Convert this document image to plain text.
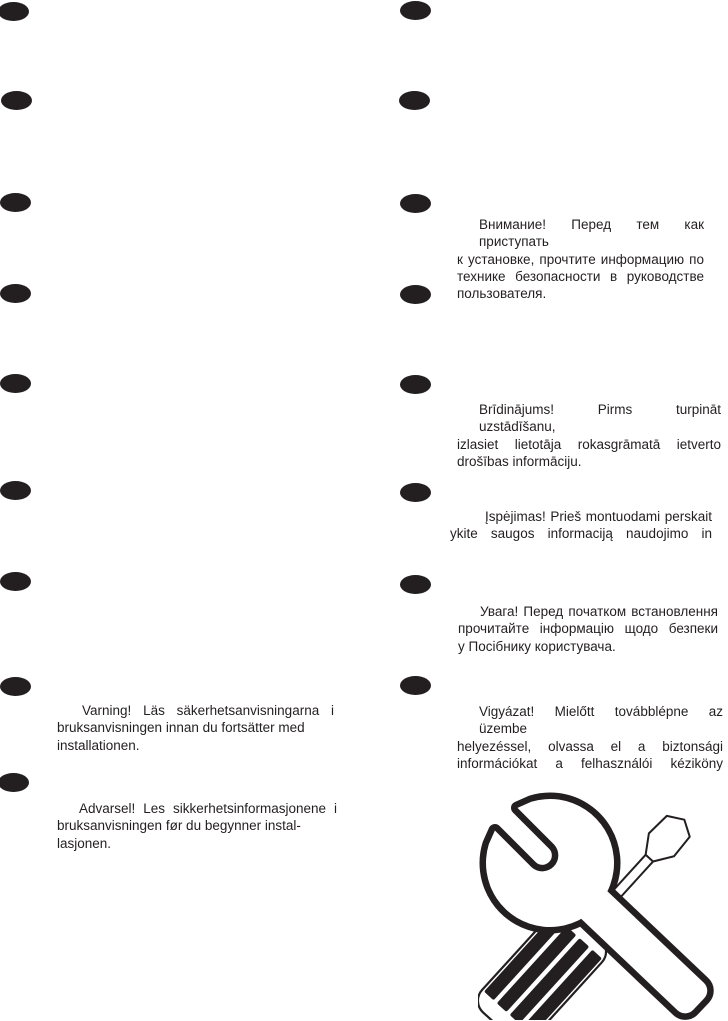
Внимание! Перед тем как приступать
к установке, прочтите информацию по
технике безопасности в руководстве
пользователя.
Brīdinājums! Pirms turpināt uzstādīšanu,
izlasiet lietotāja rokasgrāmatā ietverto
drošības informāciju.
Įspėjimas! Prieš montuodami perskait
ykite saugos informaciją naudojimo in
Увага! Перед початком встановлення
прочитайте інформацію щодо безпеки
у Посібнику користувача.
Vigyázat! Mielőtt továbblépne az üzembe
helyezéssel, olvassa el a biztonsági
információkat a felhasználói kéziköny
Varning! Läs säkerhetsanvisningarna i
bruksanvisningen innan du fortsätter med
installationen.
Advarsel! Les sikkerhetsinformasjonene i
bruksanvisningen før du begynner instal-
lasjonen.
